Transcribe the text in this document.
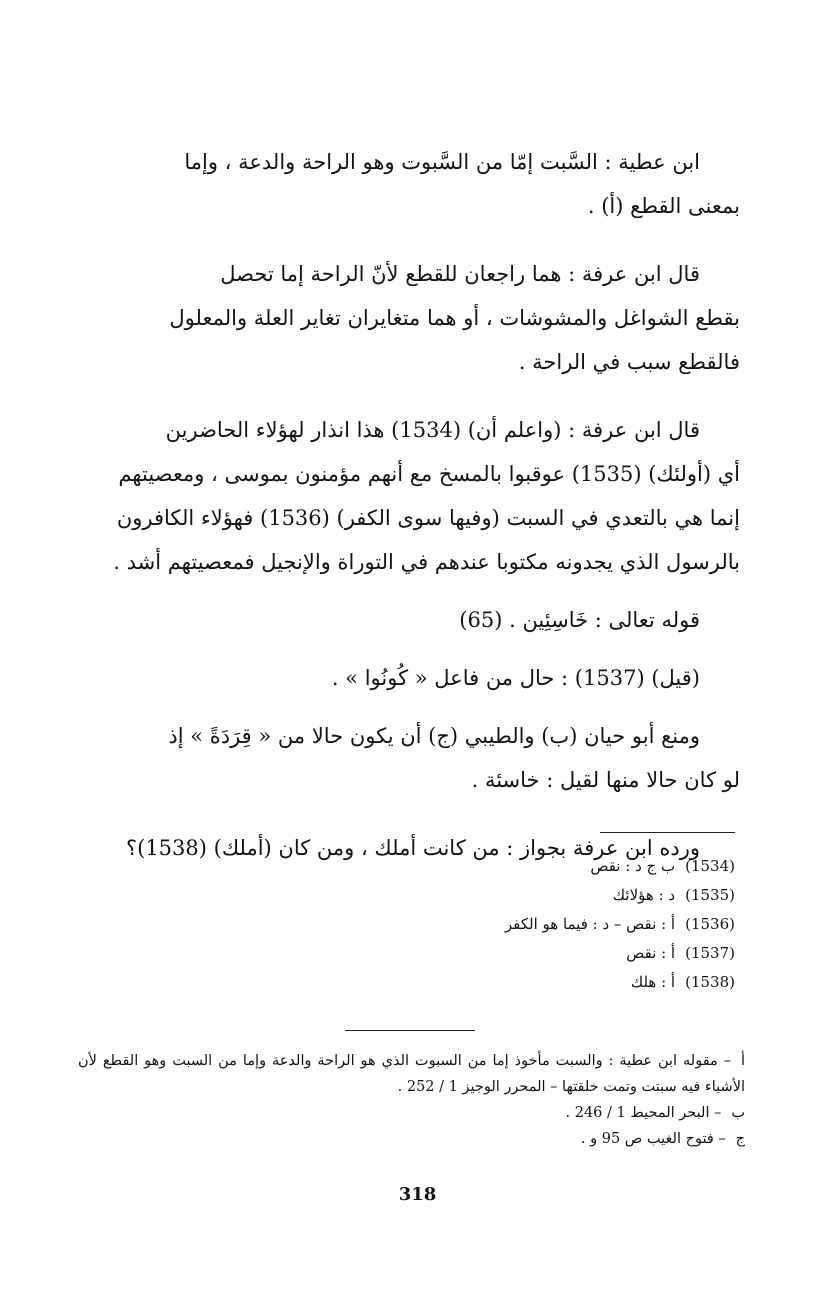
ابن عطية : السَّبت إمّا من السَّبوت وهو الراحة والدعة ، وإما

بمعنى القطع (أ) .

قال ابن عرفة : هما راجعان للقطع لأنّ الراحة إما تحصل

بقطع الشواغل والمشوشات ، أو هما متغايران تغاير العلة والمعلول

فالقطع سبب في الراحة .

قال ابن عرفة : (واعلم أن) (1534) هذا انذار لهؤلاء الحاضرين

أي (أولئك) (1535) عوقبوا بالمسخ مع أنهم مؤمنون بموسى ، ومعصيتهم

إنما هي بالتعدي في السبت (وفيها سوى الكفر) (1536) فهؤلاء الكافرون

بالرسول الذي يجدونه مكتوبا عندهم في التوراة والإنجيل فمعصيتهم أشد .

قوله تعالى : خَاسِئِين . (65)

(قيل) (1537) : حال من فاعل « كُونُوا » .

ومنع أبو حيان (ب) والطيبي (ج) أن يكون حالا من « قِرَدَةً » إذ

لو كان حالا منها لقيل : خاسئة .

ورده ابن عرفة بجواز : من كانت أملك ، ومن كان (أملك) (1538)؟

(1534)ب ج د : نقص
(1535)د : هؤلائك
(1536)أ : نقص – د : فيما هو الكفر
(1537)أ : نقص
(1538)أ : هلك

أ– مقوله ابن عطية : والسبت مأخوذ إما من السبوت الذي هو الراحة والدعة وإما من السبت وهو القطع لأن الأشياء فيه سبتت وتمت خلقتها – المحرر الوجيز 1 / 252 .

ب– البحر المحيط 1 / 246 .

ج– فتوح الغيب ص 95 و .

318
